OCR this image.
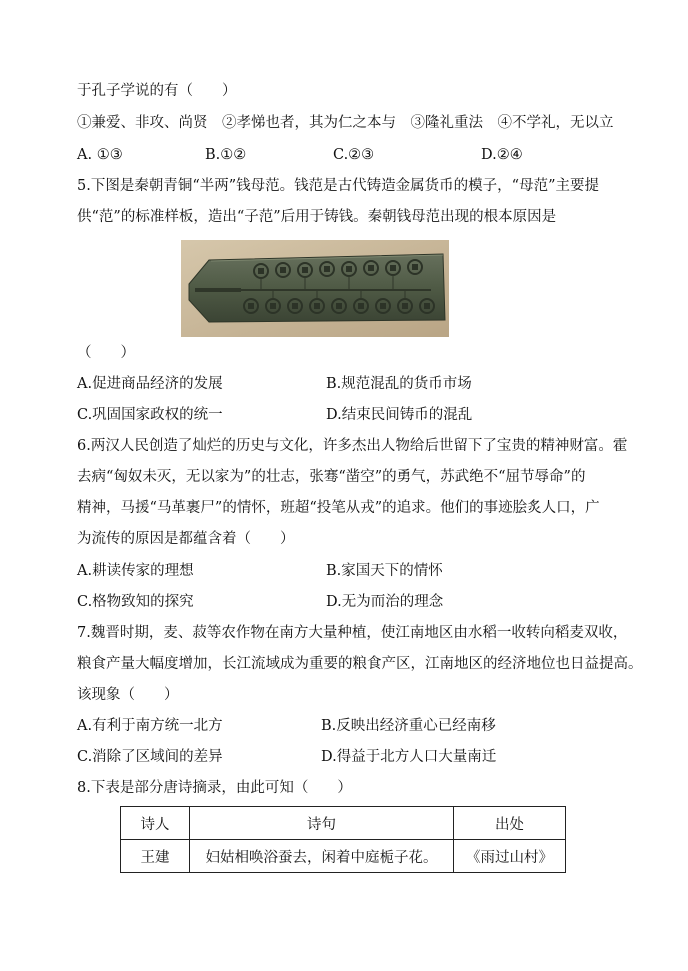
于孔子学说的有（　　）
①兼爱、非攻、尚贤　②孝悌也者，其为仁之本与　③隆礼重法　④不学礼，无以立
A. ①③	B.①②	C.②③	D.②④
5.下图是秦朝青铜“半两”钱母范。钱范是古代铸造金属货币的模子，“母范”主要提
供“范”的标准样板，造出“子范”后用于铸钱。秦朝钱母范出现的根本原因是
（　　）
A.促进商品经济的发展	B.规范混乱的货币市场
C.巩固国家政权的统一	D.结束民间铸币的混乱
6.两汉人民创造了灿烂的历史与文化，许多杰出人物给后世留下了宝贵的精神财富。霍
去病“匈奴未灭，无以家为”的壮志，张骞“凿空”的勇气，苏武绝不“屈节辱命”的
精神，马援“马革裹尸”的情怀，班超“投笔从戎”的追求。他们的事迹脍炙人口，广
为流传的原因是都蕴含着（　　）
A.耕读传家的理想	B.家国天下的情怀
C.格物致知的探究	D.无为而治的理念
7.魏晋时期，麦、菽等农作物在南方大量种植，使江南地区由水稻一收转向稻麦双收，
粮食产量大幅度增加，长江流域成为重要的粮食产区，江南地区的经济地位也日益提高。
该现象（　　）
A.有利于南方统一北方	B.反映出经济重心已经南移
C.消除了区域间的差异	D.得益于北方人口大量南迁
8.下表是部分唐诗摘录，由此可知（　　）
诗人	诗句	出处
王建	妇姑相唤浴蚕去，闲着中庭栀子花。	《雨过山村》
